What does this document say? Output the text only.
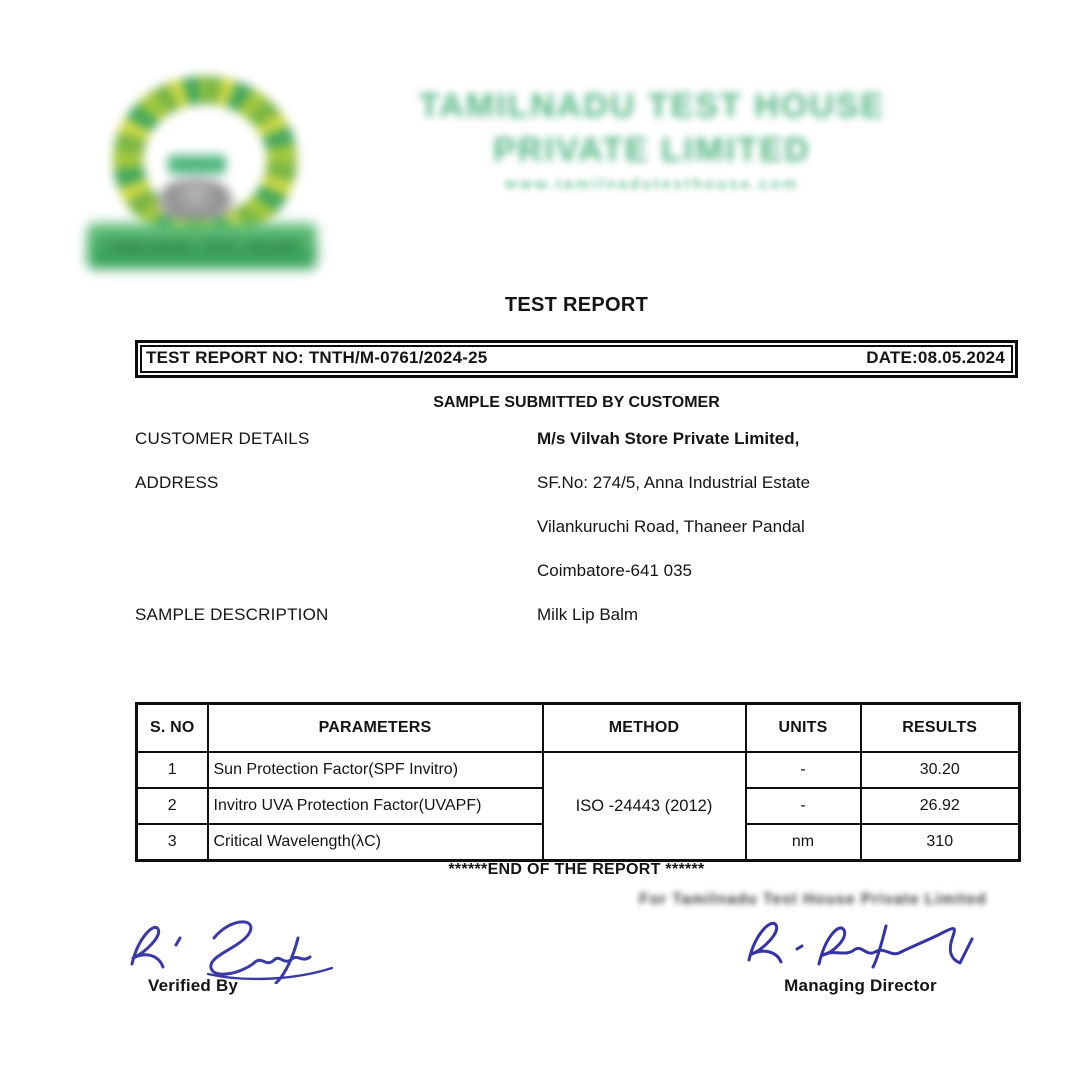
TAMILNADU TEST HOUSE
TAMILNADU TEST HOUSE
PRIVATE LIMITED
www.tamilnadutesthouse.com
TEST REPORT
TEST REPORT NO: TNTH/M-0761/2024-25	DATE:08.05.2024
SAMPLE SUBMITTED BY CUSTOMER
CUSTOMER DETAILS	M/s Vilvah Store Private Limited,
ADDRESS	SF.No: 274/5, Anna Industrial Estate
Vilankuruchi Road, Thaneer Pandal
Coimbatore-641 035
SAMPLE DESCRIPTION	Milk Lip Balm
S. NO	PARAMETERS	METHOD	UNITS	RESULTS
1	Sun Protection Factor(SPF Invitro)	ISO -24443 (2012)	-	30.20
2	Invitro UVA Protection Factor(UVAPF)		-	26.92
3	Critical Wavelength(λC)		nm	310
******END OF THE REPORT ******
For Tamilnadu Test House Private Limited
Verified By	Managing Director
